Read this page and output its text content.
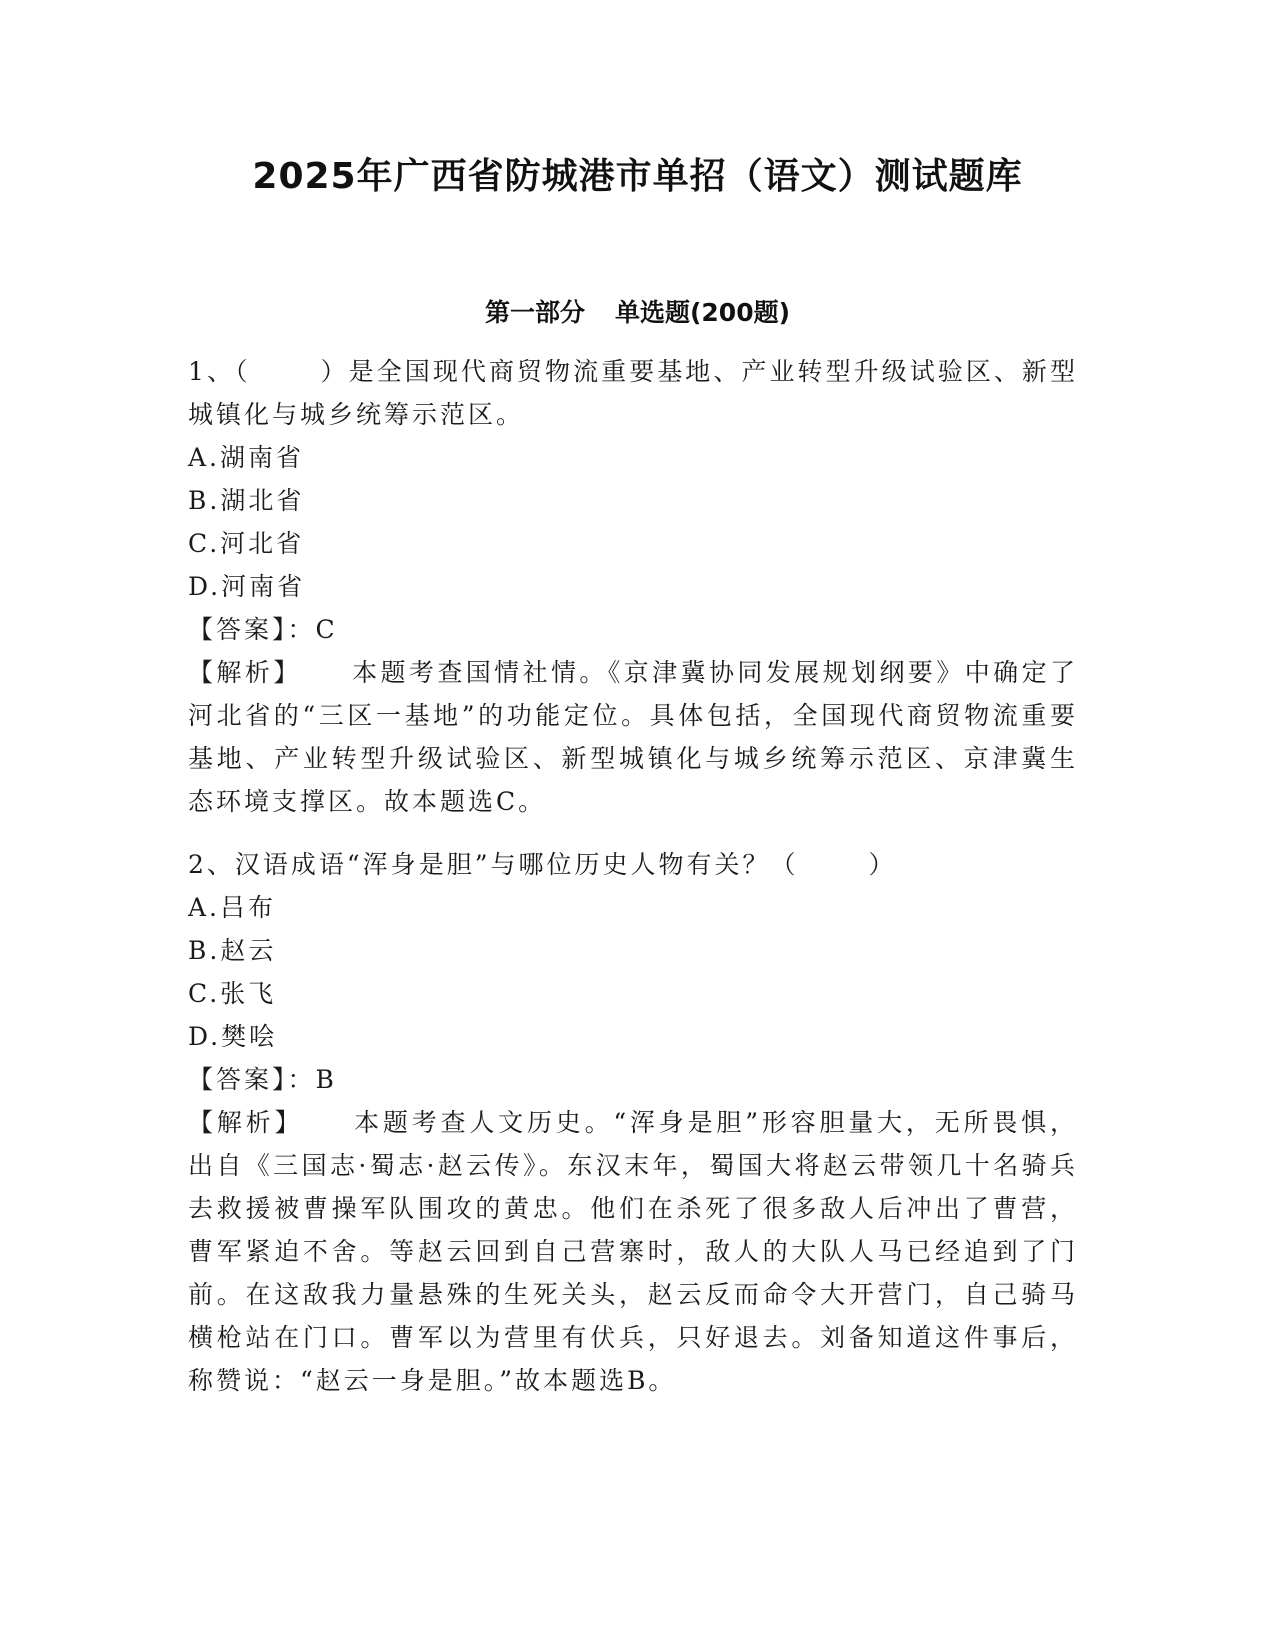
2025年广西省防城港市单招（语文）测试题库
第一部分 单选题(200题)
1、（	）是全国现代商贸物流重要基地、产业转型升级试验区、新型城镇化与城乡统筹示范区。
A.湖南省
B.湖北省
C.河北省
D.河南省
【答案】：C
【解析】 本题考查国情社情。《京津冀协同发展规划纲要》中确定了河北省的“三区一基地”的功能定位。具体包括，全国现代商贸物流重要基地、产业转型升级试验区、新型城镇化与城乡统筹示范区、京津冀生态环境支撑区。故本题选C。
2、汉语成语“浑身是胆”与哪位历史人物有关？（	）
A.吕布
B.赵云
C.张飞
D.樊哙
【答案】：B
【解析】 本题考查人文历史。“浑身是胆”形容胆量大，无所畏惧，出自《三国志·蜀志·赵云传》。东汉末年，蜀国大将赵云带领几十名骑兵去救援被曹操军队围攻的黄忠。他们在杀死了很多敌人后冲出了曹营，曹军紧迫不舍。等赵云回到自己营寨时，敌人的大队人马已经追到了门前。在这敌我力量悬殊的生死关头，赵云反而命令大开营门，自己骑马横枪站在门口。曹军以为营里有伏兵，只好退去。刘备知道这件事后，称赞说：“赵云一身是胆。”故本题选B。
